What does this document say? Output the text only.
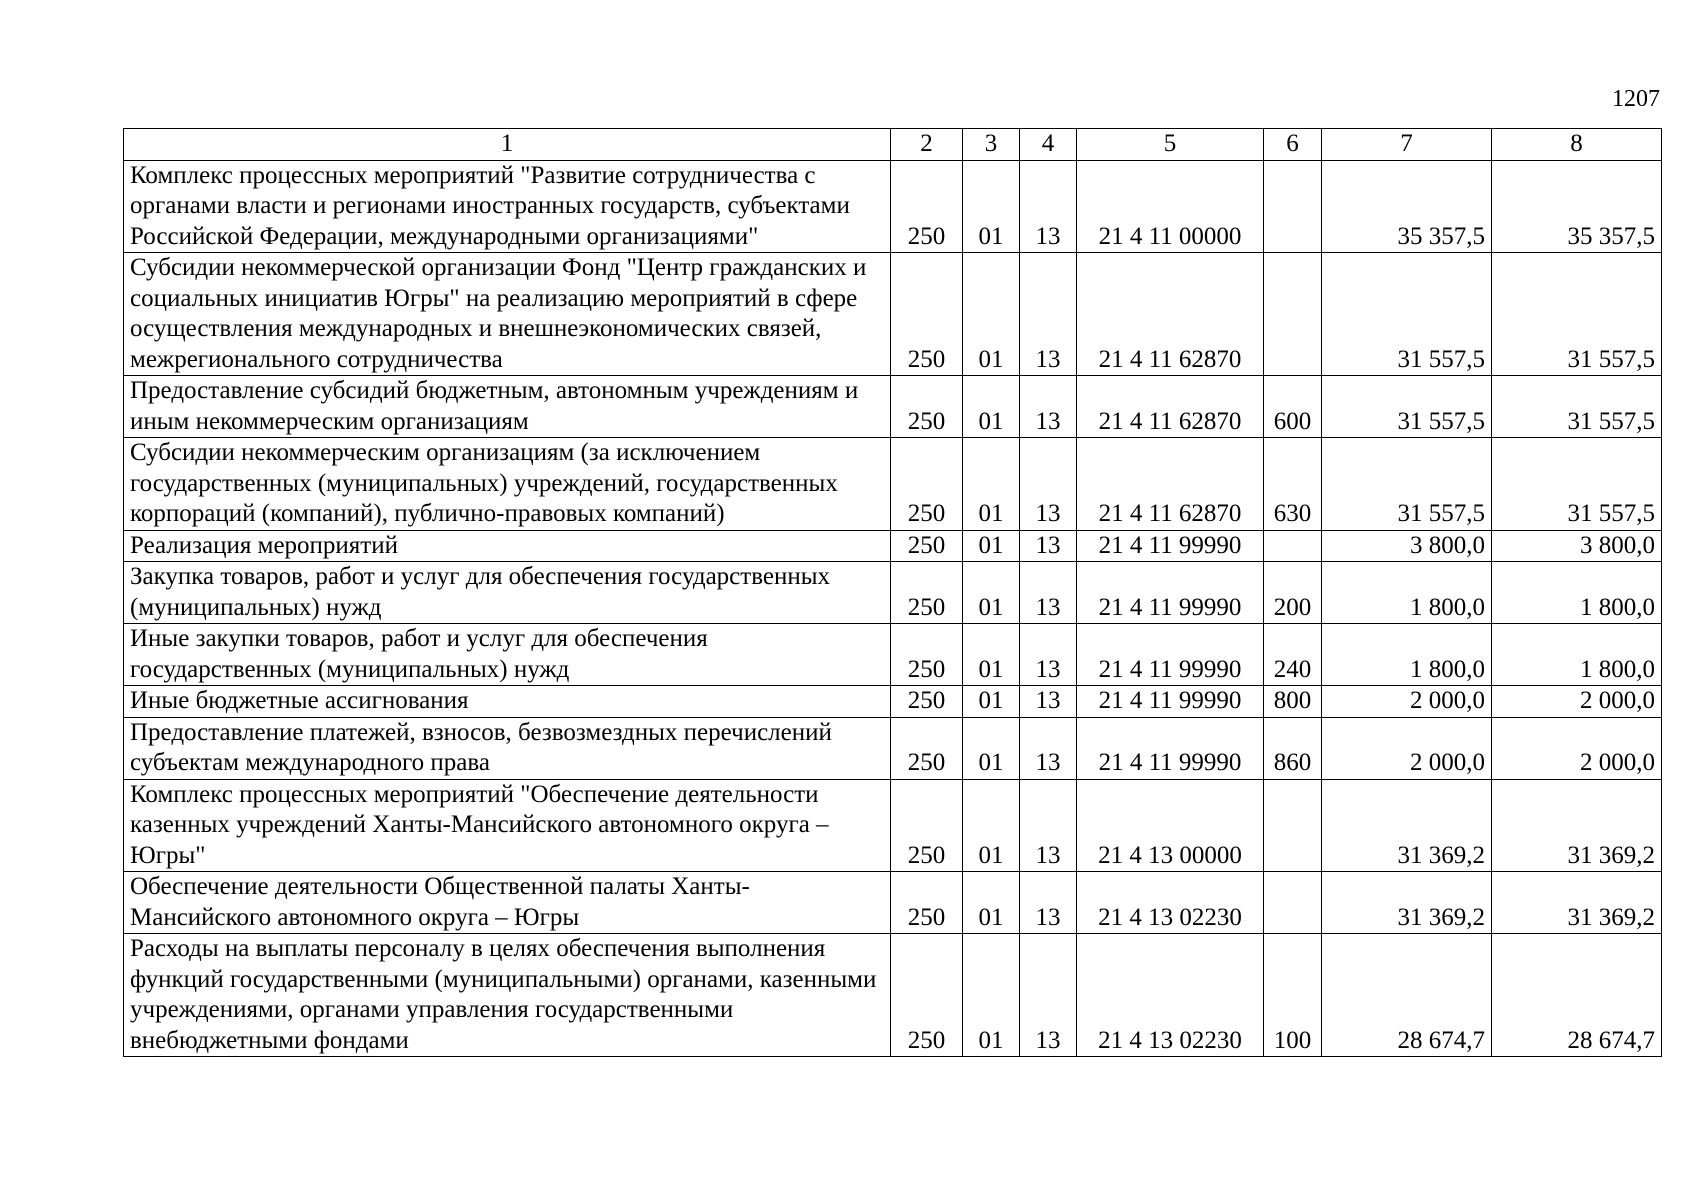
1207
1	2	3	4	5	6	7	8
Комплекс процессных мероприятий "Развитие сотрудничества с органами власти и регионами иностранных государств, субъектами Российской Федерации, международными организациями"	250	01	13	21 4 11 00000		35 357,5	35 357,5
Субсидии некоммерческой организации Фонд "Центр гражданских и социальных инициатив Югры" на реализацию мероприятий в сфере осуществления международных и внешнеэкономических связей, межрегионального сотрудничества	250	01	13	21 4 11 62870		31 557,5	31 557,5
Предоставление субсидий бюджетным, автономным учреждениям и иным некоммерческим организациям	250	01	13	21 4 11 62870	600	31 557,5	31 557,5
Субсидии некоммерческим организациям (за исключением государственных (муниципальных) учреждений, государственных корпораций (компаний), публично-правовых компаний)	250	01	13	21 4 11 62870	630	31 557,5	31 557,5
Реализация мероприятий	250	01	13	21 4 11 99990		3 800,0	3 800,0
Закупка товаров, работ и услуг для обеспечения государственных (муниципальных) нужд	250	01	13	21 4 11 99990	200	1 800,0	1 800,0
Иные закупки товаров, работ и услуг для обеспечения государственных (муниципальных) нужд	250	01	13	21 4 11 99990	240	1 800,0	1 800,0
Иные бюджетные ассигнования	250	01	13	21 4 11 99990	800	2 000,0	2 000,0
Предоставление платежей, взносов, безвозмездных перечислений субъектам международного права	250	01	13	21 4 11 99990	860	2 000,0	2 000,0
Комплекс процессных мероприятий "Обеспечение деятельности казенных учреждений Ханты-Мансийского автономного округа – Югры"	250	01	13	21 4 13 00000		31 369,2	31 369,2
Обеспечение деятельности Общественной палаты Ханты-Мансийского автономного округа – Югры	250	01	13	21 4 13 02230		31 369,2	31 369,2
Расходы на выплаты персоналу в целях обеспечения выполнения функций государственными (муниципальными) органами, казенными учреждениями, органами управления государственными внебюджетными фондами	250	01	13	21 4 13 02230	100	28 674,7	28 674,7
